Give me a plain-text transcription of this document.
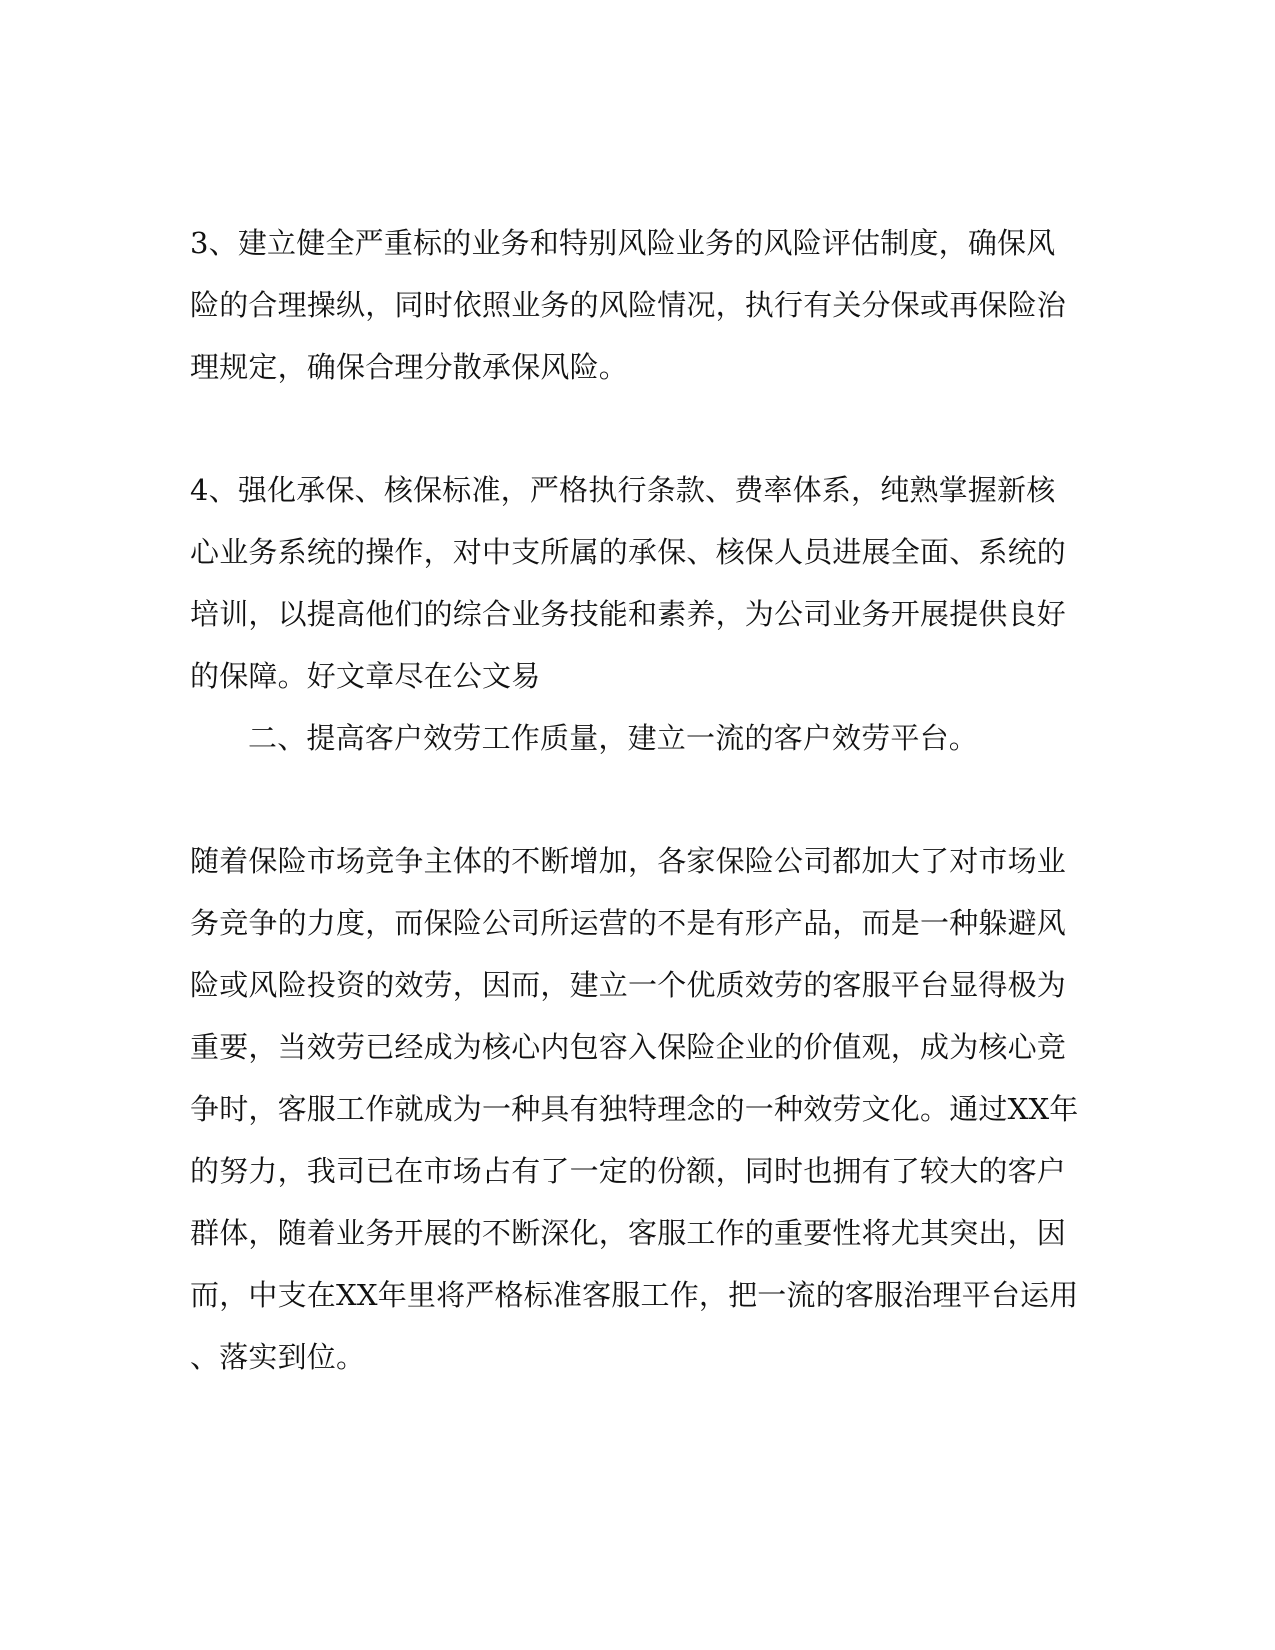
3、建立健全严重标的业务和特别风险业务的风险评估制度，确保风
险的合理操纵，同时依照业务的风险情况，执行有关分保或再保险治
理规定，确保合理分散承保风险。
4、强化承保、核保标准，严格执行条款、费率体系，纯熟掌握新核
心业务系统的操作，对中支所属的承保、核保人员进展全面、系统的
培训，以提高他们的综合业务技能和素养，为公司业务开展提供良好
的保障。好文章尽在公文易
二、提高客户效劳工作质量，建立一流的客户效劳平台。
随着保险市场竞争主体的不断增加，各家保险公司都加大了对市场业
务竞争的力度，而保险公司所运营的不是有形产品，而是一种躲避风
险或风险投资的效劳，因而，建立一个优质效劳的客服平台显得极为
重要，当效劳已经成为核心内包容入保险企业的价值观，成为核心竞
争时，客服工作就成为一种具有独特理念的一种效劳文化。通过XX年
的努力，我司已在市场占有了一定的份额，同时也拥有了较大的客户
群体，随着业务开展的不断深化，客服工作的重要性将尤其突出，因
而，中支在XX年里将严格标准客服工作，把一流的客服治理平台运用
、落实到位。
